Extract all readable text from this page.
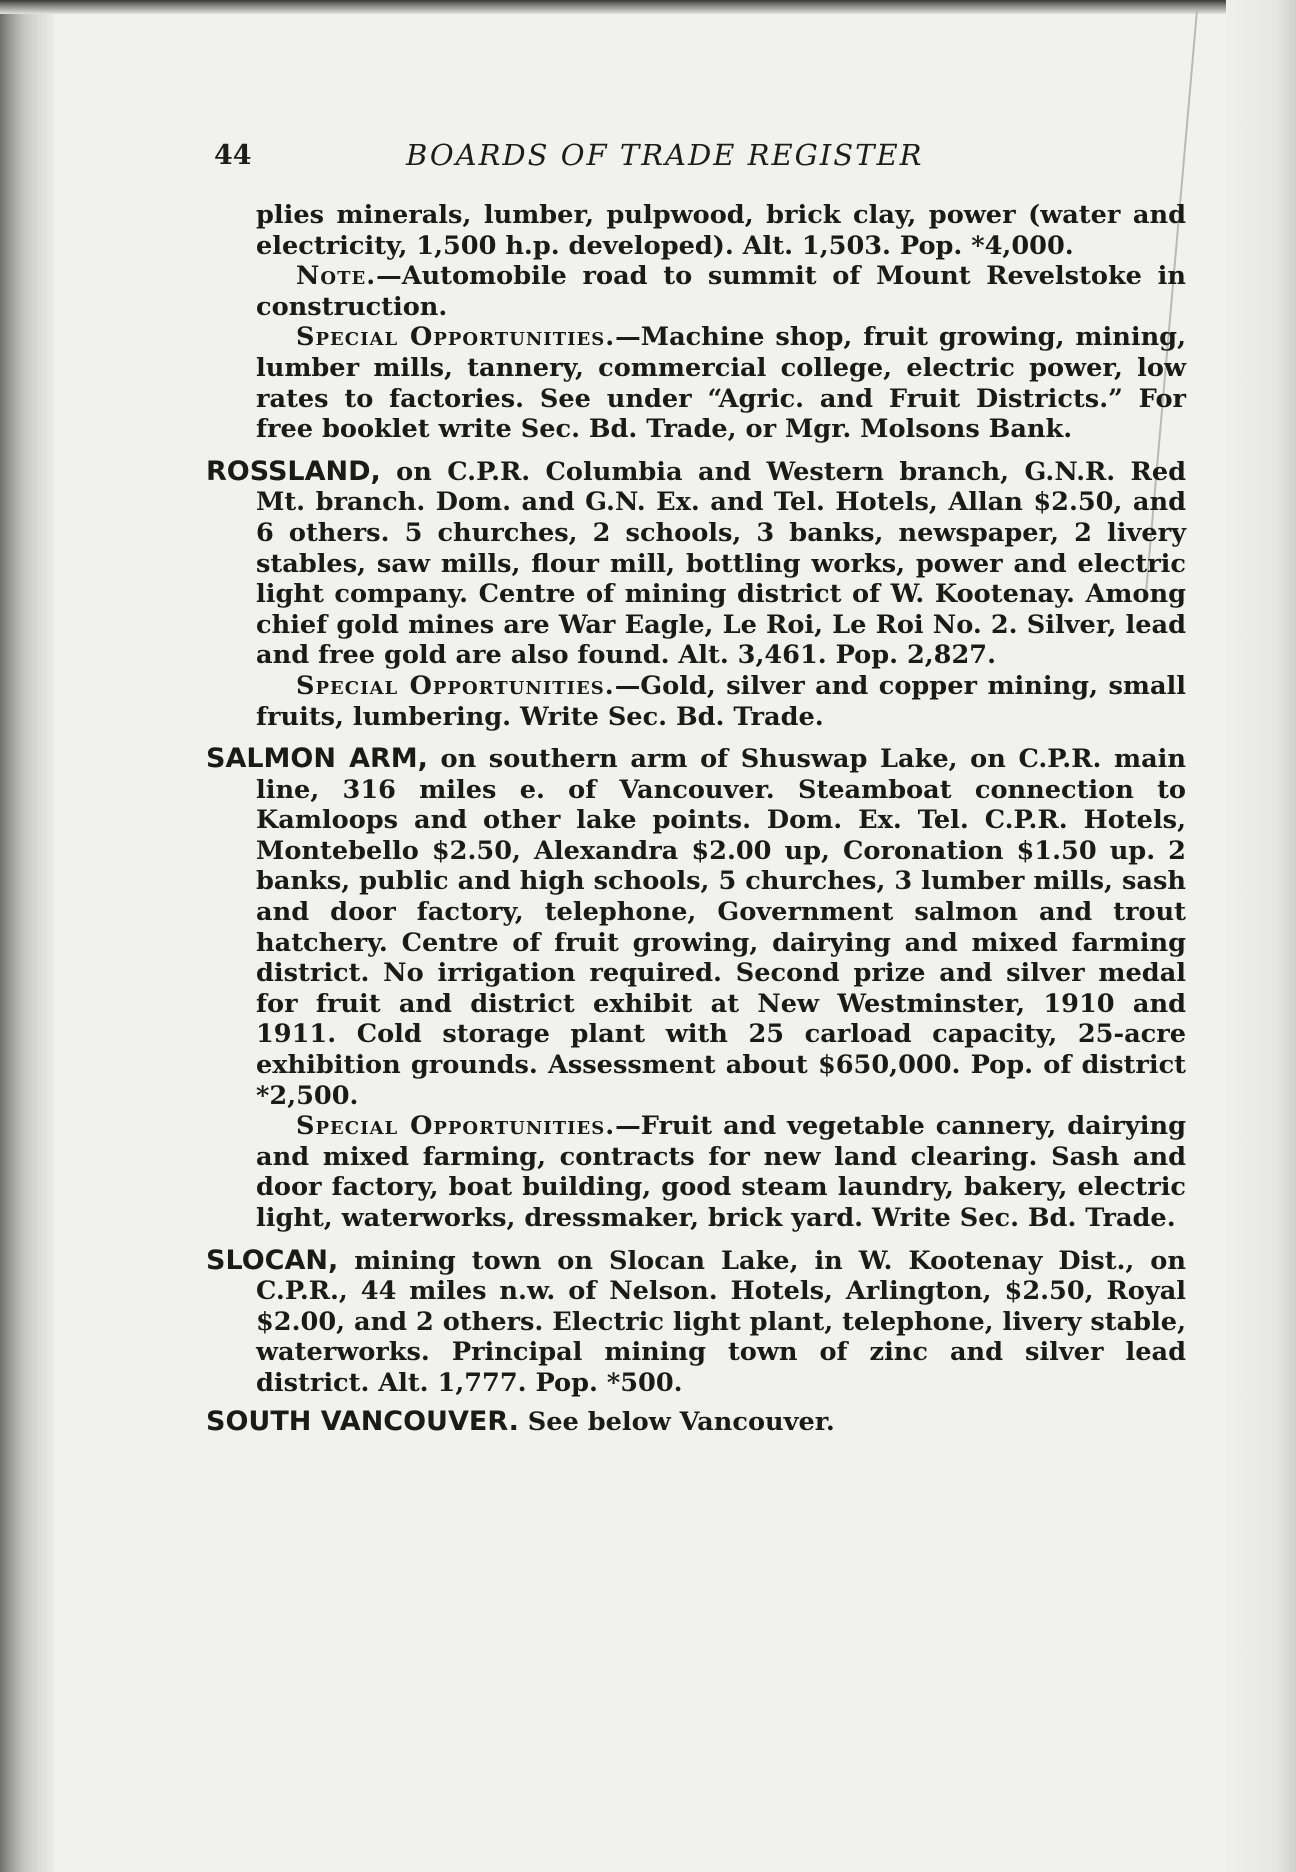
44	BOARDS OF TRADE REGISTER

plies minerals, lumber, pulpwood, brick clay, power (water and electricity, 1,500 h.p. developed). Alt. 1,503. Pop. *4,000.

Note.—Automobile road to summit of Mount Revelstoke in construction.

Special Opportunities.—Machine shop, fruit growing, mining, lumber mills, tannery, commercial college, electric power, low rates to factories. See under “Agric. and Fruit Districts.” For free booklet write Sec. Bd. Trade, or Mgr. Molsons Bank.

ROSSLAND, on C.P.R. Columbia and Western branch, G.N.R. Red Mt. branch. Dom. and G.N. Ex. and Tel. Hotels, Allan $2.50, and 6 others. 5 churches, 2 schools, 3 banks, newspaper, 2 livery stables, saw mills, flour mill, bottling works, power and electric light company. Centre of mining district of W. Kootenay. Among chief gold mines are War Eagle, Le Roi, Le Roi No. 2. Silver, lead and free gold are also found. Alt. 3,461. Pop. 2,827.

Special Opportunities.—Gold, silver and copper mining, small fruits, lumbering. Write Sec. Bd. Trade.

SALMON ARM, on southern arm of Shuswap Lake, on C.P.R. main line, 316 miles e. of Vancouver. Steamboat connection to Kamloops and other lake points. Dom. Ex. Tel. C.P.R. Hotels, Montebello $2.50, Alexandra $2.00 up, Coronation $1.50 up. 2 banks, public and high schools, 5 churches, 3 lumber mills, sash and door factory, telephone, Government salmon and trout hatchery. Centre of fruit growing, dairying and mixed farming district. No irrigation required. Second prize and silver medal for fruit and district exhibit at New Westminster, 1910 and 1911. Cold storage plant with 25 carload capacity, 25-acre exhibition grounds. Assessment about $650,000. Pop. of district *2,500.

Special Opportunities.—Fruit and vegetable cannery, dairying and mixed farming, contracts for new land clearing. Sash and door factory, boat building, good steam laundry, bakery, electric light, waterworks, dressmaker, brick yard. Write Sec. Bd. Trade.

SLOCAN, mining town on Slocan Lake, in W. Kootenay Dist., on C.P.R., 44 miles n.w. of Nelson. Hotels, Arlington, $2.50, Royal $2.00, and 2 others. Electric light plant, telephone, livery stable, waterworks. Principal mining town of zinc and silver lead district. Alt. 1,777. Pop. *500.

SOUTH VANCOUVER. See below Vancouver.
